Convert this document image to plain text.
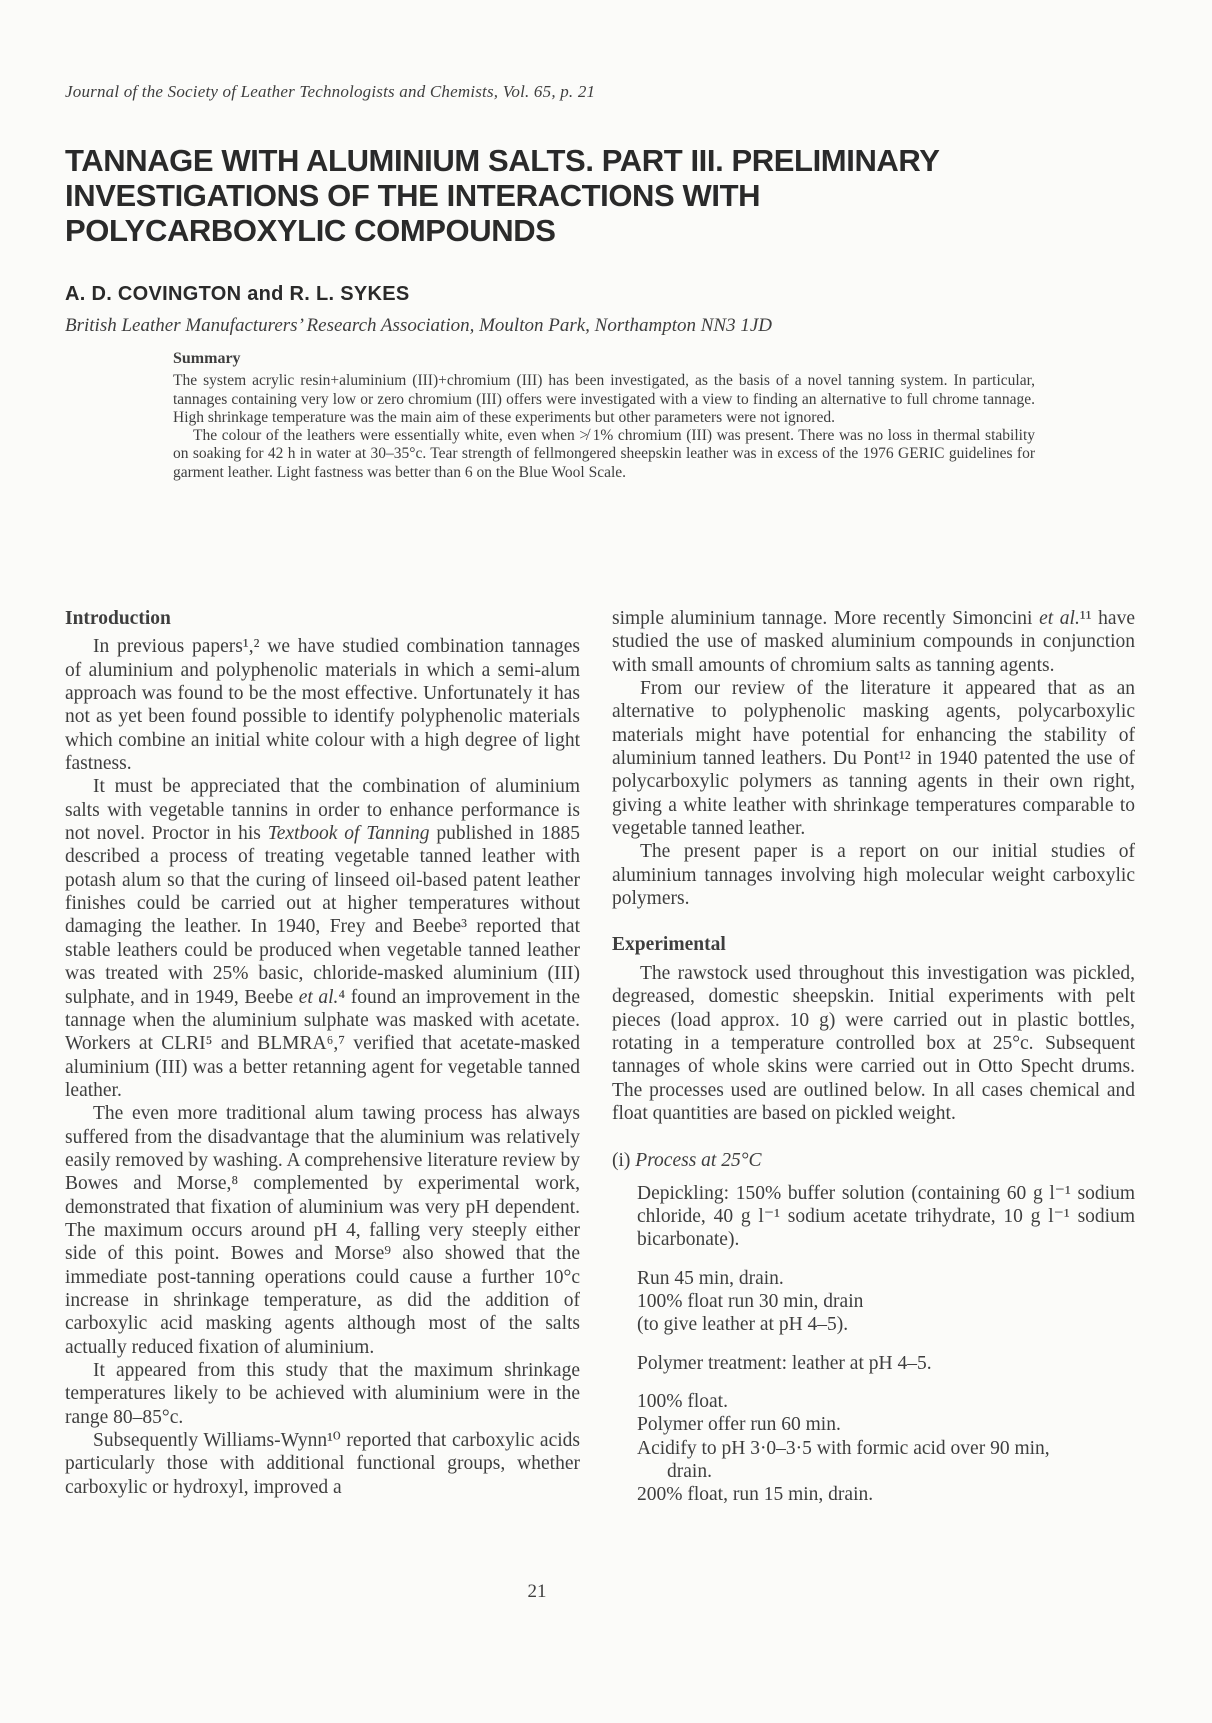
Journal of the Society of Leather Technologists and Chemists, Vol. 65, p. 21
TANNAGE WITH ALUMINIUM SALTS. PART III. PRELIMINARY
INVESTIGATIONS OF THE INTERACTIONS WITH
POLYCARBOXYLIC COMPOUNDS
A. D. COVINGTON and R. L. SYKES
British Leather Manufacturers’ Research Association, Moulton Park, Northampton NN3 1JD
Summary

The system acrylic resin+aluminium (III)+chromium (III) has been investigated, as the basis of a novel tanning system. In particular, tannages containing very low or zero chromium (III) offers were investigated with a view to finding an alternative to full chrome tannage. High shrinkage temperature was the main aim of these experiments but other parameters were not ignored.

The colour of the leathers were essentially white, even when ≯ 1% chromium (III) was present. There was no loss in thermal stability on soaking for 42 h in water at 30–35°c. Tear strength of fellmongered sheepskin leather was in excess of the 1976 GERIC guidelines for garment leather. Light fastness was better than 6 on the Blue Wool Scale.

Introduction

In previous papers¹,² we have studied combination tannages of aluminium and polyphenolic materials in which a semi-alum approach was found to be the most effective. Unfortunately it has not as yet been found possible to identify polyphenolic materials which combine an initial white colour with a high degree of light fastness.

It must be appreciated that the combination of aluminium salts with vegetable tannins in order to enhance performance is not novel. Proctor in his Textbook of Tanning published in 1885 described a process of treating vegetable tanned leather with potash alum so that the curing of linseed oil-based patent leather finishes could be carried out at higher temperatures without damaging the leather. In 1940, Frey and Beebe³ reported that stable leathers could be produced when vegetable tanned leather was treated with 25% basic, chloride-masked aluminium (III) sulphate, and in 1949, Beebe et al.⁴ found an improvement in the tannage when the aluminium sulphate was masked with acetate. Workers at CLRI⁵ and BLMRA⁶,⁷ verified that acetate-masked aluminium (III) was a better retanning agent for vegetable tanned leather.

The even more traditional alum tawing process has always suffered from the disadvantage that the aluminium was relatively easily removed by washing. A comprehensive literature review by Bowes and Morse,⁸ complemented by experimental work, demonstrated that fixation of aluminium was very pH dependent. The maximum occurs around pH 4, falling very steeply either side of this point. Bowes and Morse⁹ also showed that the immediate post-tanning operations could cause a further 10°c increase in shrinkage temperature, as did the addition of carboxylic acid masking agents although most of the salts actually reduced fixation of aluminium.

It appeared from this study that the maximum shrinkage temperatures likely to be achieved with aluminium were in the range 80–85°c.

Subsequently Williams-Wynn¹⁰ reported that carboxylic acids particularly those with additional functional groups, whether carboxylic or hydroxyl, improved a

simple aluminium tannage. More recently Simoncini et al.¹¹ have studied the use of masked aluminium compounds in conjunction with small amounts of chromium salts as tanning agents.

From our review of the literature it appeared that as an alternative to polyphenolic masking agents, polycarboxylic materials might have potential for enhancing the stability of aluminium tanned leathers. Du Pont¹² in 1940 patented the use of polycarboxylic polymers as tanning agents in their own right, giving a white leather with shrinkage temperatures comparable to vegetable tanned leather.

The present paper is a report on our initial studies of aluminium tannages involving high molecular weight carboxylic polymers.

Experimental

The rawstock used throughout this investigation was pickled, degreased, domestic sheepskin. Initial experiments with pelt pieces (load approx. 10 g) were carried out in plastic bottles, rotating in a temperature controlled box at 25°c. Subsequent tannages of whole skins were carried out in Otto Specht drums. The processes used are outlined below. In all cases chemical and float quantities are based on pickled weight.

(i) Process at 25°C

Depickling: 150% buffer solution (containing 60 g l⁻¹ sodium chloride, 40 g l⁻¹ sodium acetate trihydrate, 10 g l⁻¹ sodium bicarbonate).

Run 45 min, drain.
100% float run 30 min, drain
(to give leather at pH 4–5).
Polymer treatment: leather at pH 4–5.
100% float.
Polymer offer run 60 min.
Acidify to pH 3·0–3·5 with formic acid over 90 min,
drain.
200% float, run 15 min, drain.
21
